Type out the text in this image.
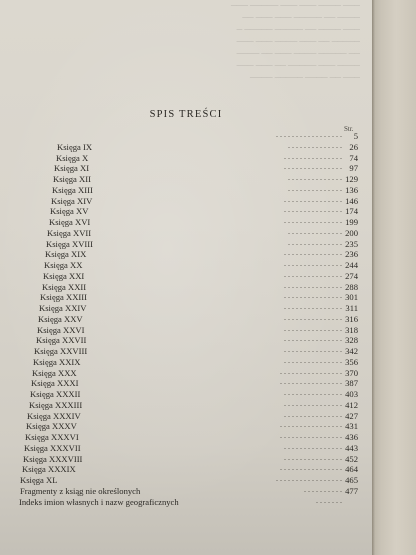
─── ──── ─── ─── ───── ───
──── ── ───── ─── ─── ──
─── ──── ── ───── ───── ─
───── ── ─── ──── ─── ───
── ───── ──── ─── ── ────
──── ─── ───── ── ─── ───
─── ── ──── ───── ────
SPIS TREŚCI
Str.
. . . . . . . . . . . . . . . . . 5
Księga IX	. . . . . . . . . . . . . . 26
Księga X	. . . . . . . . . . . . . . . 74
Księga XI	. . . . . . . . . . . . . . . 97
Księga XII	. . . . . . . . . . . . . . 129
Księga XIII	. . . . . . . . . . . . . . 136
Księga XIV	. . . . . . . . . . . . . . . 146
Księga XV	. . . . . . . . . . . . . . . 174
Księga XVI	. . . . . . . . . . . . . . . 199
Księga XVII	. . . . . . . . . . . . . . 200
Księga XVIII	. . . . . . . . . . . . . . 235
Księga XIX	. . . . . . . . . . . . . . . 236
Księga XX	. . . . . . . . . . . . . . . 244
Księga XXI	. . . . . . . . . . . . . . . 274
Księga XXII	. . . . . . . . . . . . . . . 288
Księga XXIII	. . . . . . . . . . . . . . . 301
Księga XXIV	. . . . . . . . . . . . . . . 311
Księga XXV	. . . . . . . . . . . . . . . 316
Księga XXVI	. . . . . . . . . . . . . . . 318
Księga XXVII	. . . . . . . . . . . . . . . 328
Księga XXVIII	. . . . . . . . . . . . . . . 342
Księga XXIX	. . . . . . . . . . . . . . . 356
Księga XXX	. . . . . . . . . . . . . . . . 370
Księga XXXI	. . . . . . . . . . . . . . . . 387
Księga XXXII	. . . . . . . . . . . . . . . 403
Księga XXXIII	. . . . . . . . . . . . . . . 412
Księga XXXIV	. . . . . . . . . . . . . . . 427
Księga XXXV	. . . . . . . . . . . . . . . . 431
Księga XXXVI	. . . . . . . . . . . . . . . . 436
Księga XXXVII	. . . . . . . . . . . . . . . 443
Księga XXXVIII	. . . . . . . . . . . . . . . 452
Księga XXXIX	. . . . . . . . . . . . . . . . 464
Księga XL	. . . . . . . . . . . . . . . . . 465
Fragmenty z ksiąg nie określonych	. . . . . . . . . . 477
Indeks imion własnych i nazw geograficznych	. . . . . . .
